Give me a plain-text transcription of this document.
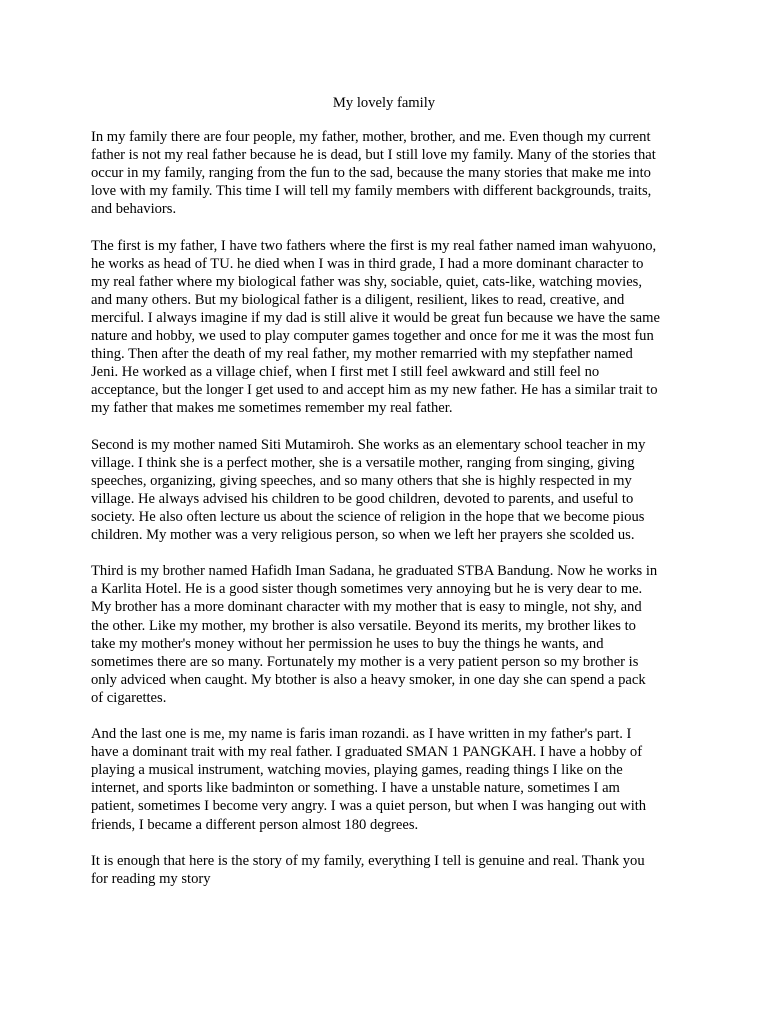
My lovely family

In my family there are four people, my father, mother, brother, and me. Even though my current
father is not my real father because he is dead, but I still love my family. Many of the stories that
occur in my family, ranging from the fun to the sad, because the many stories that make me into
love with my family. This time I will tell my family members with different backgrounds, traits,
and behaviors.

The first is my father, I have two fathers where the first is my real father named iman wahyuono,
he works as head of TU. he died when I was in third grade, I had a more dominant character to
my real father where my biological father was shy, sociable, quiet, cats-like, watching movies,
and many others. But my biological father is a diligent, resilient, likes to read, creative, and
merciful. I always imagine if my dad is still alive it would be great fun because we have the same
nature and hobby, we used to play computer games together and once for me it was the most fun
thing. Then after the death of my real father, my mother remarried with my stepfather named
Jeni. He worked as a village chief, when I first met I still feel awkward and still feel no
acceptance, but the longer I get used to and accept him as my new father. He has a similar trait to
my father that makes me sometimes remember my real father.

Second is my mother named Siti Mutamiroh. She works as an elementary school teacher in my
village. I think she is a perfect mother, she is a versatile mother, ranging from singing, giving
speeches, organizing, giving speeches, and so many others that she is highly respected in my
village. He always advised his children to be good children, devoted to parents, and useful to
society. He also often lecture us about the science of religion in the hope that we become pious
children. My mother was a very religious person, so when we left her prayers she scolded us.

Third is my brother named Hafidh Iman Sadana, he graduated STBA Bandung. Now he works in
a Karlita Hotel. He is a good sister though sometimes very annoying but he is very dear to me.
My brother has a more dominant character with my mother that is easy to mingle, not shy, and
the other. Like my mother, my brother is also versatile. Beyond its merits, my brother likes to
take my mother's money without her permission he uses to buy the things he wants, and
sometimes there are so many. Fortunately my mother is a very patient person so my brother is
only adviced when caught. My btother is also a heavy smoker, in one day she can spend a pack
of cigarettes.

And the last one is me, my name is faris iman rozandi. as I have written in my father's part. I
have a dominant trait with my real father. I graduated SMAN 1 PANGKAH. I have a hobby of
playing a musical instrument, watching movies, playing games, reading things I like on the
internet, and sports like badminton or something. I have a unstable nature, sometimes I am
patient, sometimes I become very angry. I was a quiet person, but when I was hanging out with
friends, I became a different person almost 180 degrees.

It is enough that here is the story of my family, everything I tell is genuine and real. Thank you
for reading my story
